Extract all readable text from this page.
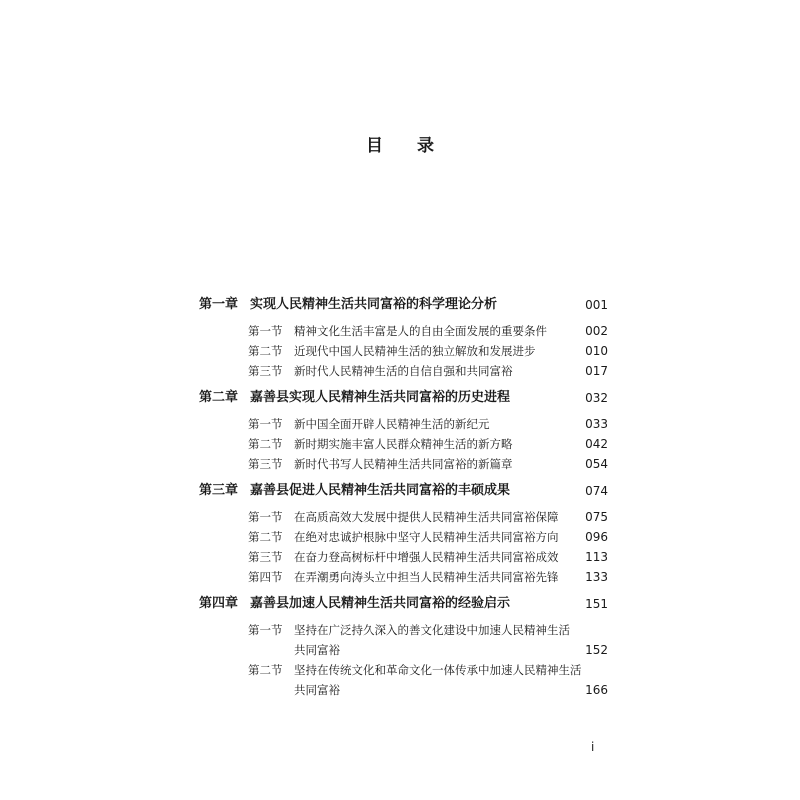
目 录
第一章 实现人民精神生活共同富裕的科学理论分析	001
第一节 精神文化生活丰富是人的自由全面发展的重要条件	002
第二节 近现代中国人民精神生活的独立解放和发展进步	010
第三节 新时代人民精神生活的自信自强和共同富裕	017
第二章 嘉善县实现人民精神生活共同富裕的历史进程	032
第一节 新中国全面开辟人民精神生活的新纪元	033
第二节 新时期实施丰富人民群众精神生活的新方略	042
第三节 新时代书写人民精神生活共同富裕的新篇章	054
第三章 嘉善县促进人民精神生活共同富裕的丰硕成果	074
第一节 在高质高效大发展中提供人民精神生活共同富裕保障 075
第二节 在绝对忠诚护根脉中坚守人民精神生活共同富裕方向 096
第三节 在奋力登高树标杆中增强人民精神生活共同富裕成效 113
第四节 在弄潮勇向涛头立中担当人民精神生活共同富裕先锋 133
第四章 嘉善县加速人民精神生活共同富裕的经验启示	151
第一节 坚持在广泛持久深入的善文化建设中加速人民精神生活
共同富裕	152
第二节 坚持在传统文化和革命文化一体传承中加速人民精神生活
共同富裕	166
i
